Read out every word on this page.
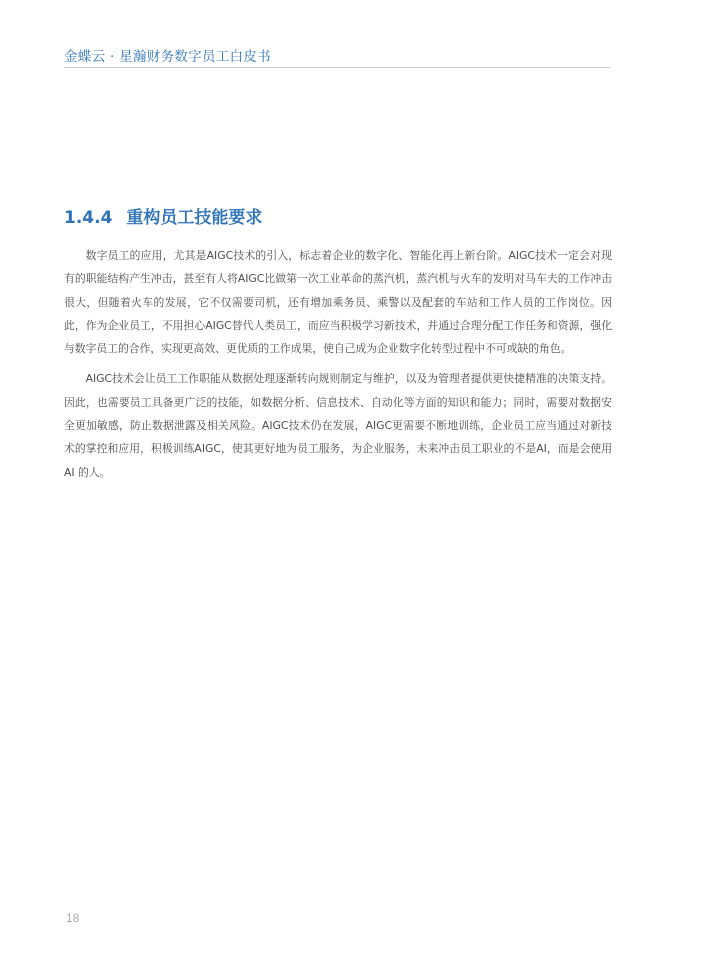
金蝶云 · 星瀚财务数字员工白皮书
1.4.4 重构员工技能要求

数字员工的应用，尤其是AIGC技术的引入，标志着企业的数字化、智能化再上新台阶。AIGC技术一定会对现有的职能结构产生冲击，甚至有人将AIGC比做第一次工业革命的蒸汽机，蒸汽机与火车的发明对马车夫的工作冲击很大，但随着火车的发展，它不仅需要司机，还有增加乘务员、乘警以及配套的车站和工作人员的工作岗位。因此，作为企业员工，不用担心AIGC替代人类员工，而应当积极学习新技术，并通过合理分配工作任务和资源，强化与数字员工的合作，实现更高效、更优质的工作成果，使自己成为企业数字化转型过程中不可或缺的角色。

AIGC技术会让员工工作职能从数据处理逐渐转向规则制定与维护，以及为管理者提供更快捷精准的决策支持。因此，也需要员工具备更广泛的技能，如数据分析、信息技术、自动化等方面的知识和能力；同时，需要对数据安全更加敏感，防止数据泄露及相关风险。AIGC技术仍在发展，AIGC更需要不断地训练，企业员工应当通过对新技术的掌控和应用，积极训练AIGC，使其更好地为员工服务，为企业服务，未来冲击员工职业的不是AI，而是会使用AI 的人。

18
